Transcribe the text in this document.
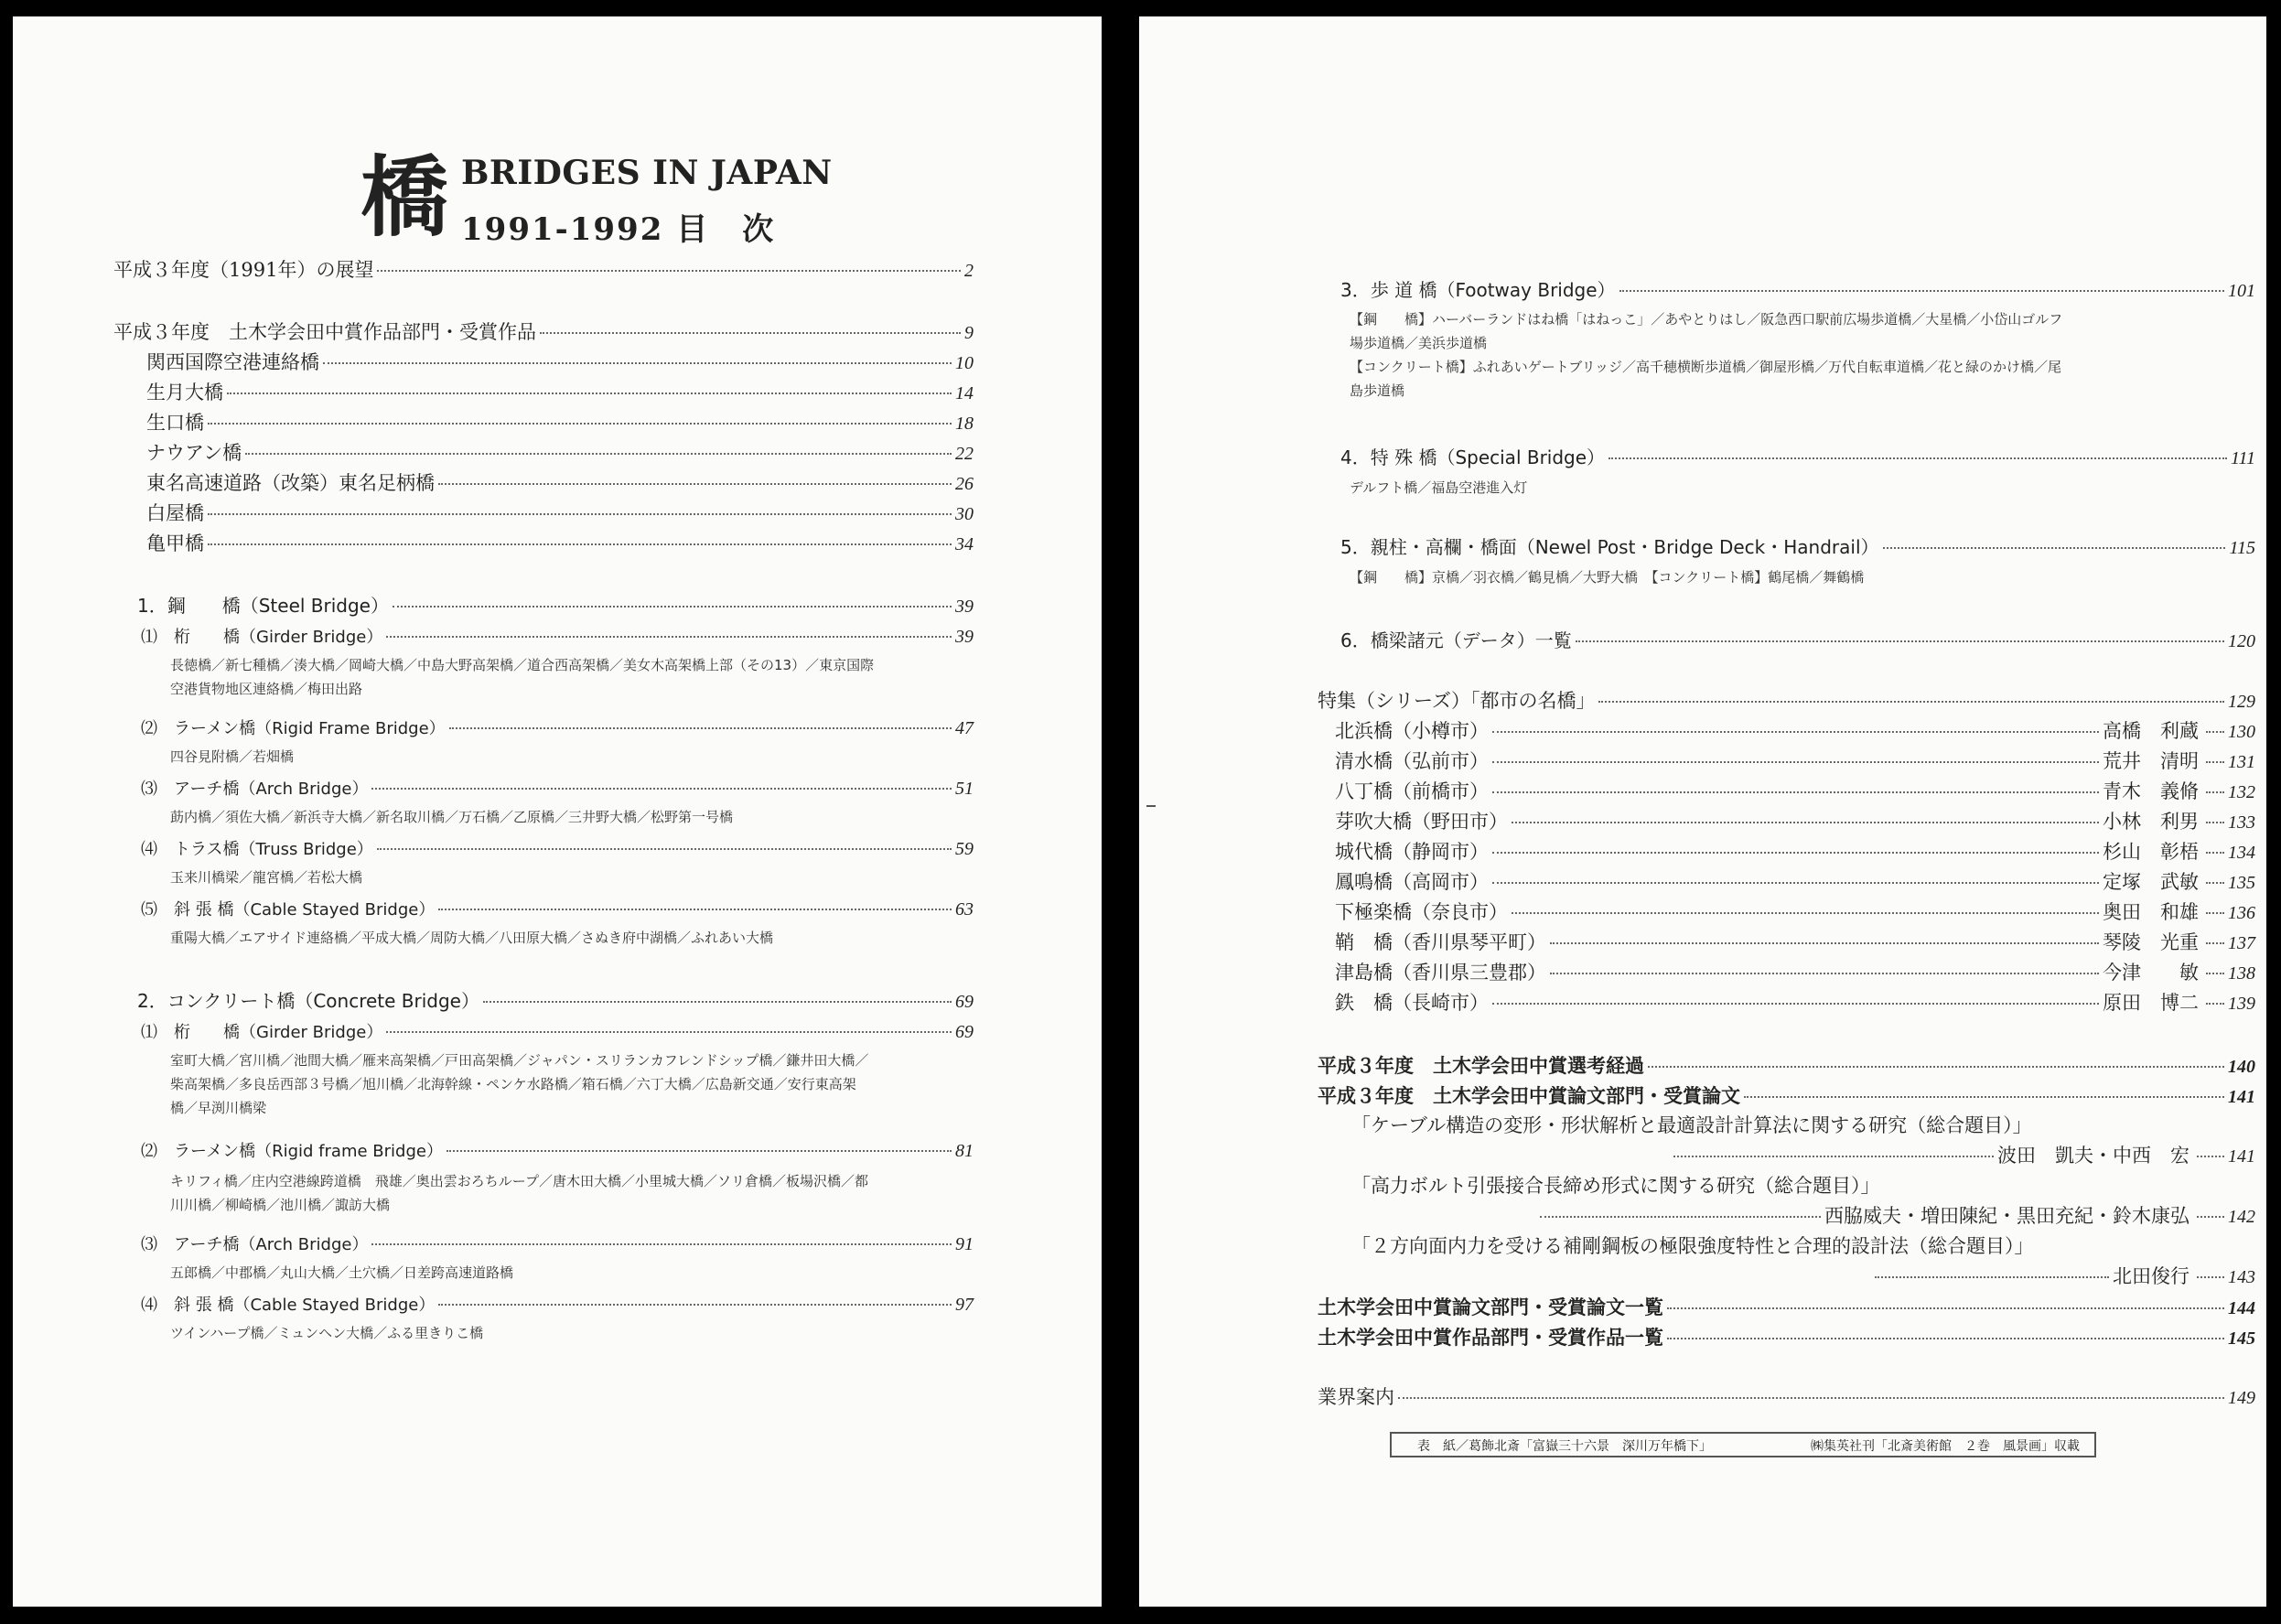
橋 BRIDGES IN JAPAN
1991-1992 目　次
平成３年度（1991年）の展望	2
平成３年度　土木学会田中賞作品部門・受賞作品	9
関西国際空港連絡橋	10
生月大橋	14
生口橋	18
ナウアン橋	22
東名高速道路（改築）東名足柄橋	26
白屋橋	30
亀甲橋	34
1．鋼　　橋（Steel Bridge）	39
⑴　桁　　橋（Girder Bridge）	39
長徳橋／新七種橋／湊大橋／岡崎大橋／中島大野高架橋／道合西高架橋／美女木高架橋上部（その13）／東京国際
空港貨物地区連絡橋／梅田出路
⑵　ラーメン橋（Rigid Frame Bridge）	47
四谷見附橋／若畑橋
⑶　アーチ橋（Arch Bridge）	51
莇内橋／須佐大橋／新浜寺大橋／新名取川橋／万石橋／乙原橋／三井野大橋／松野第一号橋
⑷　トラス橋（Truss Bridge）	59
玉来川橋梁／龍宮橋／若松大橋
⑸　斜 張 橋（Cable Stayed Bridge）	63
重陽大橋／エアサイド連絡橋／平成大橋／周防大橋／八田原大橋／さぬき府中湖橋／ふれあい大橋
2．コンクリート橋（Concrete Bridge）	69
⑴　桁　　橋（Girder Bridge）	69
室町大橋／宮川橋／池間大橋／雁来高架橋／戸田高架橋／ジャパン・スリランカフレンドシップ橋／鎌井田大橋／
柴高架橋／多良岳西部３号橋／旭川橋／北海幹線・ペンケ水路橋／箱石橋／六丁大橋／広島新交通／安行東高架
橋／早渕川橋梁
⑵　ラーメン橋（Rigid frame Bridge）	81
キリフィ橋／庄内空港線跨道橋　飛雄／奥出雲おろちループ／唐木田大橋／小里城大橋／ソリ倉橋／板場沢橋／都
川川橋／柳崎橋／池川橋／諏訪大橋
⑶　アーチ橋（Arch Bridge）	91
五郎橋／中郡橋／丸山大橋／土穴橋／日差跨高速道路橋
⑷　斜 張 橋（Cable Stayed Bridge）	97
ツインハープ橋／ミュンヘン大橋／ふる里きりこ橋
3．歩 道 橋（Footway Bridge）	101
【鋼　　橋】ハーバーランドはね橋「はねっこ」／あやとりはし／阪急西口駅前広場歩道橋／大星橋／小岱山ゴルフ
場歩道橋／美浜歩道橋
【コンクリート橋】ふれあいゲートブリッジ／高千穂横断歩道橋／御屋形橋／万代自転車道橋／花と緑のかけ橋／尾
島歩道橋
4．特 殊 橋（Special Bridge）	111
デルフト橋／福島空港進入灯
5．親柱・高欄・橋面（Newel Post・Bridge Deck・Handrail）	115
【鋼　　橋】京橋／羽衣橋／鶴見橋／大野大橋　【コンクリート橋】鶴尾橋／舞鶴橋
6．橋梁諸元（データ）一覧	120
特集（シリーズ）「都市の名橋」	129
北浜橋（小樽市）	高橋　利蔵 130
清水橋（弘前市）	荒井　清明 131
八丁橋（前橋市）	青木　義脩 132
芽吹大橋（野田市）	小林　利男 133
城代橋（静岡市）	杉山　彰梧 134
鳳鳴橋（高岡市）	定塚　武敏 135
下極楽橋（奈良市）	奥田　和雄 136
鞘　橋（香川県琴平町）	琴陵　光重 137
津島橋（香川県三豊郡）	今津　　敏 138
鉄　橋（長崎市）	原田　博二 139
平成３年度　土木学会田中賞選考経過	140
平成３年度　土木学会田中賞論文部門・受賞論文	141
「ケーブル構造の変形・形状解析と最適設計計算法に関する研究（総合題目）」
波田　凱夫・中西　宏 141
「高力ボルト引張接合長締め形式に関する研究（総合題目）」
西脇威夫・増田陳紀・黒田充紀・鈴木康弘 142
「２方向面内力を受ける補剛鋼板の極限強度特性と合理的設計法（総合題目）」
北田俊行 143
土木学会田中賞論文部門・受賞論文一覧	144
土木学会田中賞作品部門・受賞作品一覧	145
業界案内	149
表　紙／葛飾北斎「富嶽三十六景　深川万年橋下」	㈱集英社刊「北斎美術館　２巻　風景画」収載
